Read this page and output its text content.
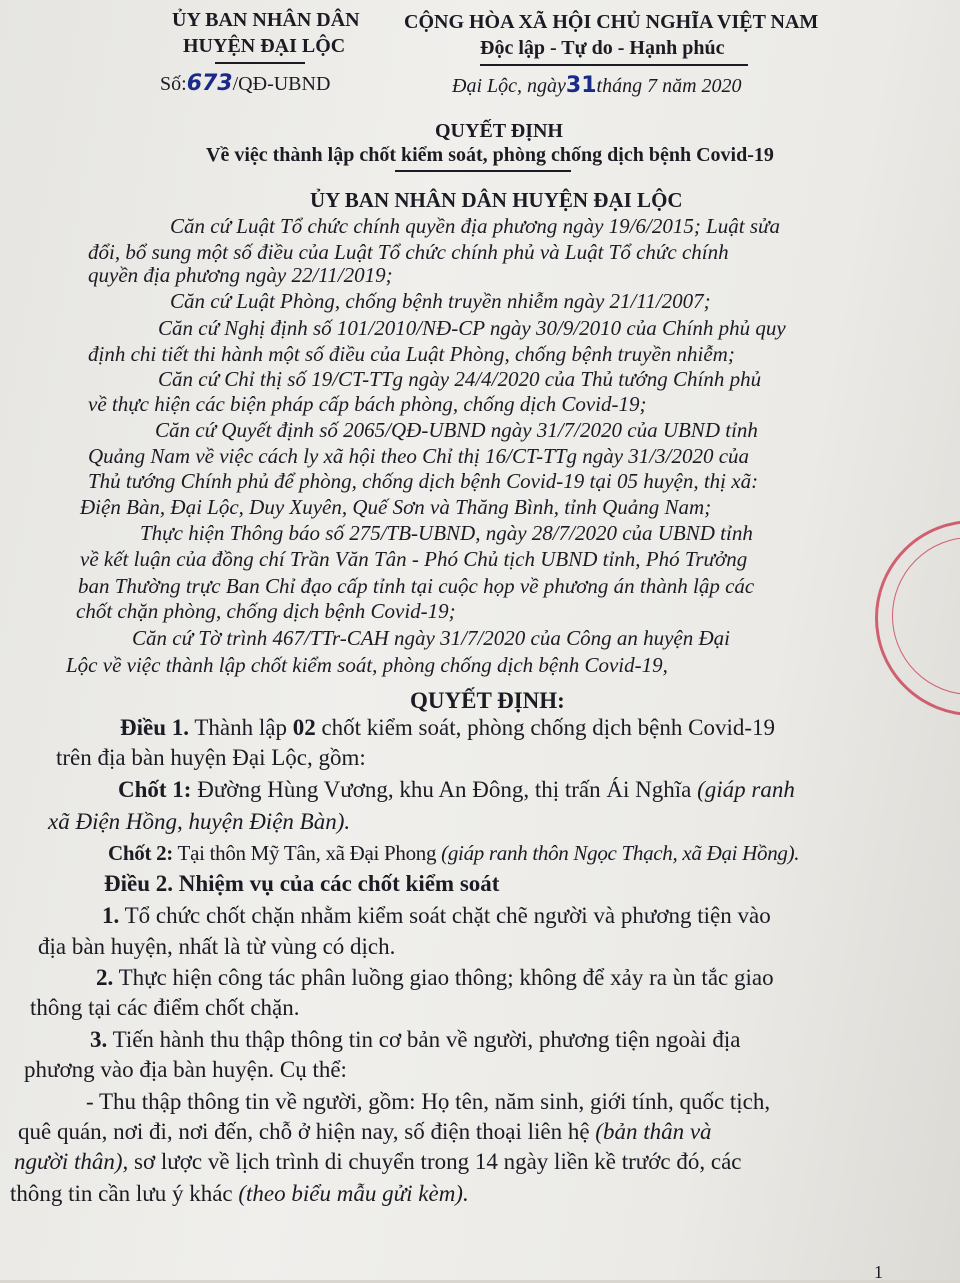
ỦY BAN NHÂN DÂN
HUYỆN ĐẠI LỘC
Số:673/QĐ-UBND
CỘNG HÒA XÃ HỘI CHỦ NGHĨA VIỆT NAM
Độc lập - Tự do - Hạnh phúc
Đại Lộc, ngày31tháng 7 năm 2020
QUYẾT ĐỊNH
Về việc thành lập chốt kiểm soát, phòng chống dịch bệnh Covid-19
ỦY BAN NHÂN DÂN HUYỆN ĐẠI LỘC
Căn cứ Luật Tổ chức chính quyền địa phương ngày 19/6/2015; Luật sửa
đổi, bổ sung một số điều của Luật Tổ chức chính phủ và Luật Tổ chức chính
quyền địa phương ngày 22/11/2019;
Căn cứ Luật Phòng, chống bệnh truyền nhiễm ngày 21/11/2007;
Căn cứ Nghị định số 101/2010/NĐ-CP ngày 30/9/2010 của Chính phủ quy
định chi tiết thi hành một số điều của Luật Phòng, chống bệnh truyền nhiễm;
Căn cứ Chỉ thị số 19/CT-TTg ngày 24/4/2020 của Thủ tướng Chính phủ
về thực hiện các biện pháp cấp bách phòng, chống dịch Covid-19;
Căn cứ Quyết định số 2065/QĐ-UBND ngày 31/7/2020 của UBND tỉnh
Quảng Nam về việc cách ly xã hội theo Chỉ thị 16/CT-TTg ngày 31/3/2020 của
Thủ tướng Chính phủ để phòng, chống dịch bệnh Covid-19 tại 05 huyện, thị xã:
Điện Bàn, Đại Lộc, Duy Xuyên, Quế Sơn và Thăng Bình, tỉnh Quảng Nam;
Thực hiện Thông báo số 275/TB-UBND, ngày 28/7/2020 của UBND tỉnh
về kết luận của đồng chí Trần Văn Tân - Phó Chủ tịch UBND tỉnh, Phó Trưởng
ban Thường trực Ban Chỉ đạo cấp tỉnh tại cuộc họp về phương án thành lập các
chốt chặn phòng, chống dịch bệnh Covid-19;
Căn cứ Tờ trình 467/TTr-CAH ngày 31/7/2020 của Công an huyện Đại
Lộc về việc thành lập chốt kiểm soát, phòng chống dịch bệnh Covid-19,
QUYẾT ĐỊNH:
Điều 1. Thành lập 02 chốt kiểm soát, phòng chống dịch bệnh Covid-19
trên địa bàn huyện Đại Lộc, gồm:
Chốt 1: Đường Hùng Vương, khu An Đông, thị trấn Ái Nghĩa (giáp ranh
xã Điện Hồng, huyện Điện Bàn).
Chốt 2: Tại thôn Mỹ Tân, xã Đại Phong (giáp ranh thôn Ngọc Thạch, xã Đại Hồng).
Điều 2. Nhiệm vụ của các chốt kiểm soát
1. Tổ chức chốt chặn nhằm kiểm soát chặt chẽ người và phương tiện vào
địa bàn huyện, nhất là từ vùng có dịch.
2. Thực hiện công tác phân luồng giao thông; không để xảy ra ùn tắc giao
thông tại các điểm chốt chặn.
3. Tiến hành thu thập thông tin cơ bản về người, phương tiện ngoài địa
phương vào địa bàn huyện. Cụ thể:
- Thu thập thông tin về người, gồm: Họ tên, năm sinh, giới tính, quốc tịch,
quê quán, nơi đi, nơi đến, chỗ ở hiện nay, số điện thoại liên hệ (bản thân và
người thân), sơ lược về lịch trình di chuyển trong 14 ngày liền kề trước đó, các
thông tin cần lưu ý khác (theo biểu mẫu gửi kèm).
1
